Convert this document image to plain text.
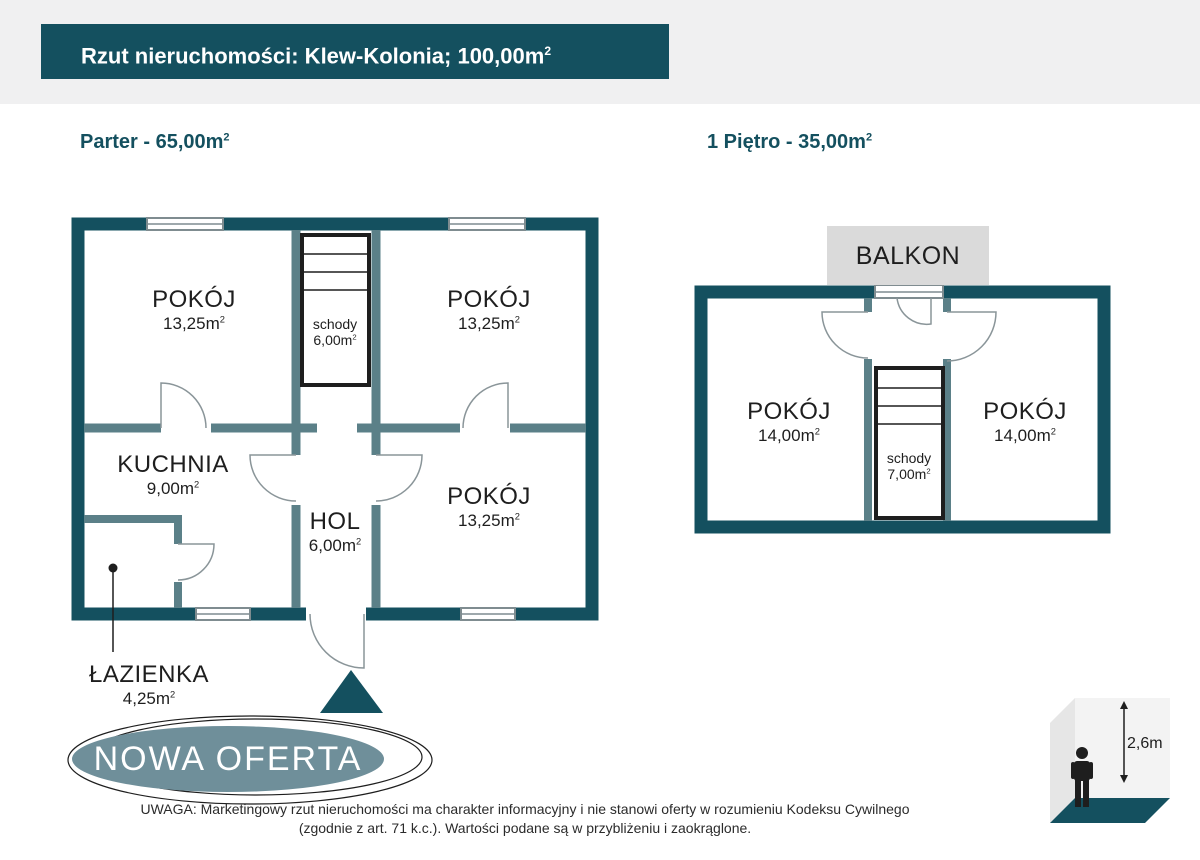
Rzut nieruchomości: Klew-Kolonia; $100,00m^2$
Parter - $65,00m^2$	1 Piętro - $35,00m^2$
POKÓJ
$13,25m^2$	schody
$6,00m^2$
POKÓJ
$13,25m^2$
KUCHNIA
$9,00m^2$
HOL
$6,00m^2$
POKÓJ
$13,25m^2$
ŁAZIENKA
$4,25m^2$
BALKON
POKÓJ
$14,00m^2$
schody
$7,00m^2$
POKÓJ
$14,00m^2$
NOWA OFERTA	2,6m
UWAGA: Marketingowy rzut nieruchomości ma charakter informacyjny i nie stanowi oferty w rozumieniu Kodeksu Cywilnego
(zgodnie z art. 71 k.c.). Wartości podane są w przybliżeniu i zaokrąglone.
